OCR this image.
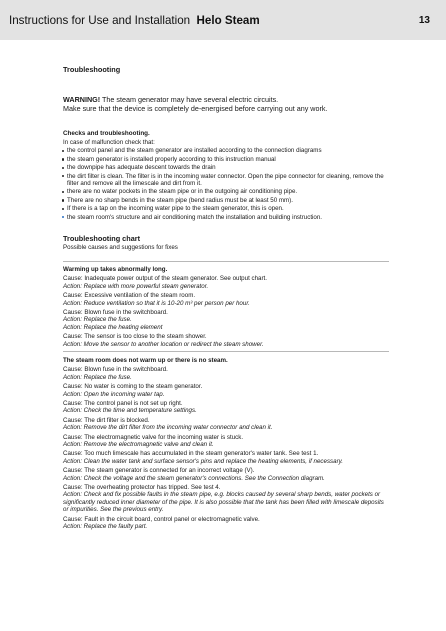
Instructions for Use and Installation Helo Steam	13
Troubleshooting
WARNING! The steam generator may have several electric circuits.
Make sure that the device is completely de-energised before carrying out any work.
Checks and troubleshooting.
In case of malfunction check that:
the control panel and the steam generator are installed according to the connection diagrams
the steam generator is installed properly according to this instruction manual
the downpipe has adequate descent towards the drain
the dirt filter is clean. The filter is in the incoming water connector. Open the pipe connector for cleaning, remove the filter and remove all the limescale and dirt from it.
there are no water pockets in the steam pipe or in the outgoing air conditioning pipe.
There are no sharp bends in the steam pipe (bend radius must be at least 50 mm).
If there is a tap on the incoming water pipe to the steam generator, this is open.
the steam room's structure and air conditioning match the installation and building instruction.
Troubleshooting chart
Possible causes and suggestions for fixes
Warming up takes abnormally long.
Cause: Inadequate power output of the steam generator. See output chart.
Action: Replace with more powerful steam generator.
Cause: Excessive ventilation of the steam room.
Action: Reduce ventilation so that it is 10-20 m³ per person per hour.
Cause: Blown fuse in the switchboard.
Action: Replace the fuse.
Action: Replace the heating element
Cause: The sensor is too close to the steam shower.
Action: Move the sensor to another location or redirect the steam shower.
The steam room does not warm up or there is no steam.
Cause: Blown fuse in the switchboard.
Action: Replace the fuse.
Cause: No water is coming to the steam generator.
Action: Open the incoming water tap.
Cause: The control panel is not set up right.
Action: Check the time and temperature settings.
Cause: The dirt filter is blocked.
Action: Remove the dirt filter from the incoming water connector and clean it.
Cause: The electromagnetic valve for the incoming water is stuck.
Action: Remove the electromagnetic valve and clean it.
Cause: Too much limescale has accumulated in the steam generator's water tank. See test 1.
Action: Clean the water tank and surface sensor's pins and replace the heating elements, if necessary.
Cause: The steam generator is connected for an incorrect voltage (V).
Action: Check the voltage and the steam generator's connections. See the Connection diagram.
Cause: The overheating protector has tripped. See test 4.
Action: Check and fix possible faults in the steam pipe, e.g. blocks caused by several sharp bends, water pockets or significantly reduced inner diameter of the pipe. It is also possible that the tank has been filled with limescale deposits or impurities. See the previous entry.
Cause: Fault in the circuit board, control panel or electromagnetic valve.
Action: Replace the faulty part.
